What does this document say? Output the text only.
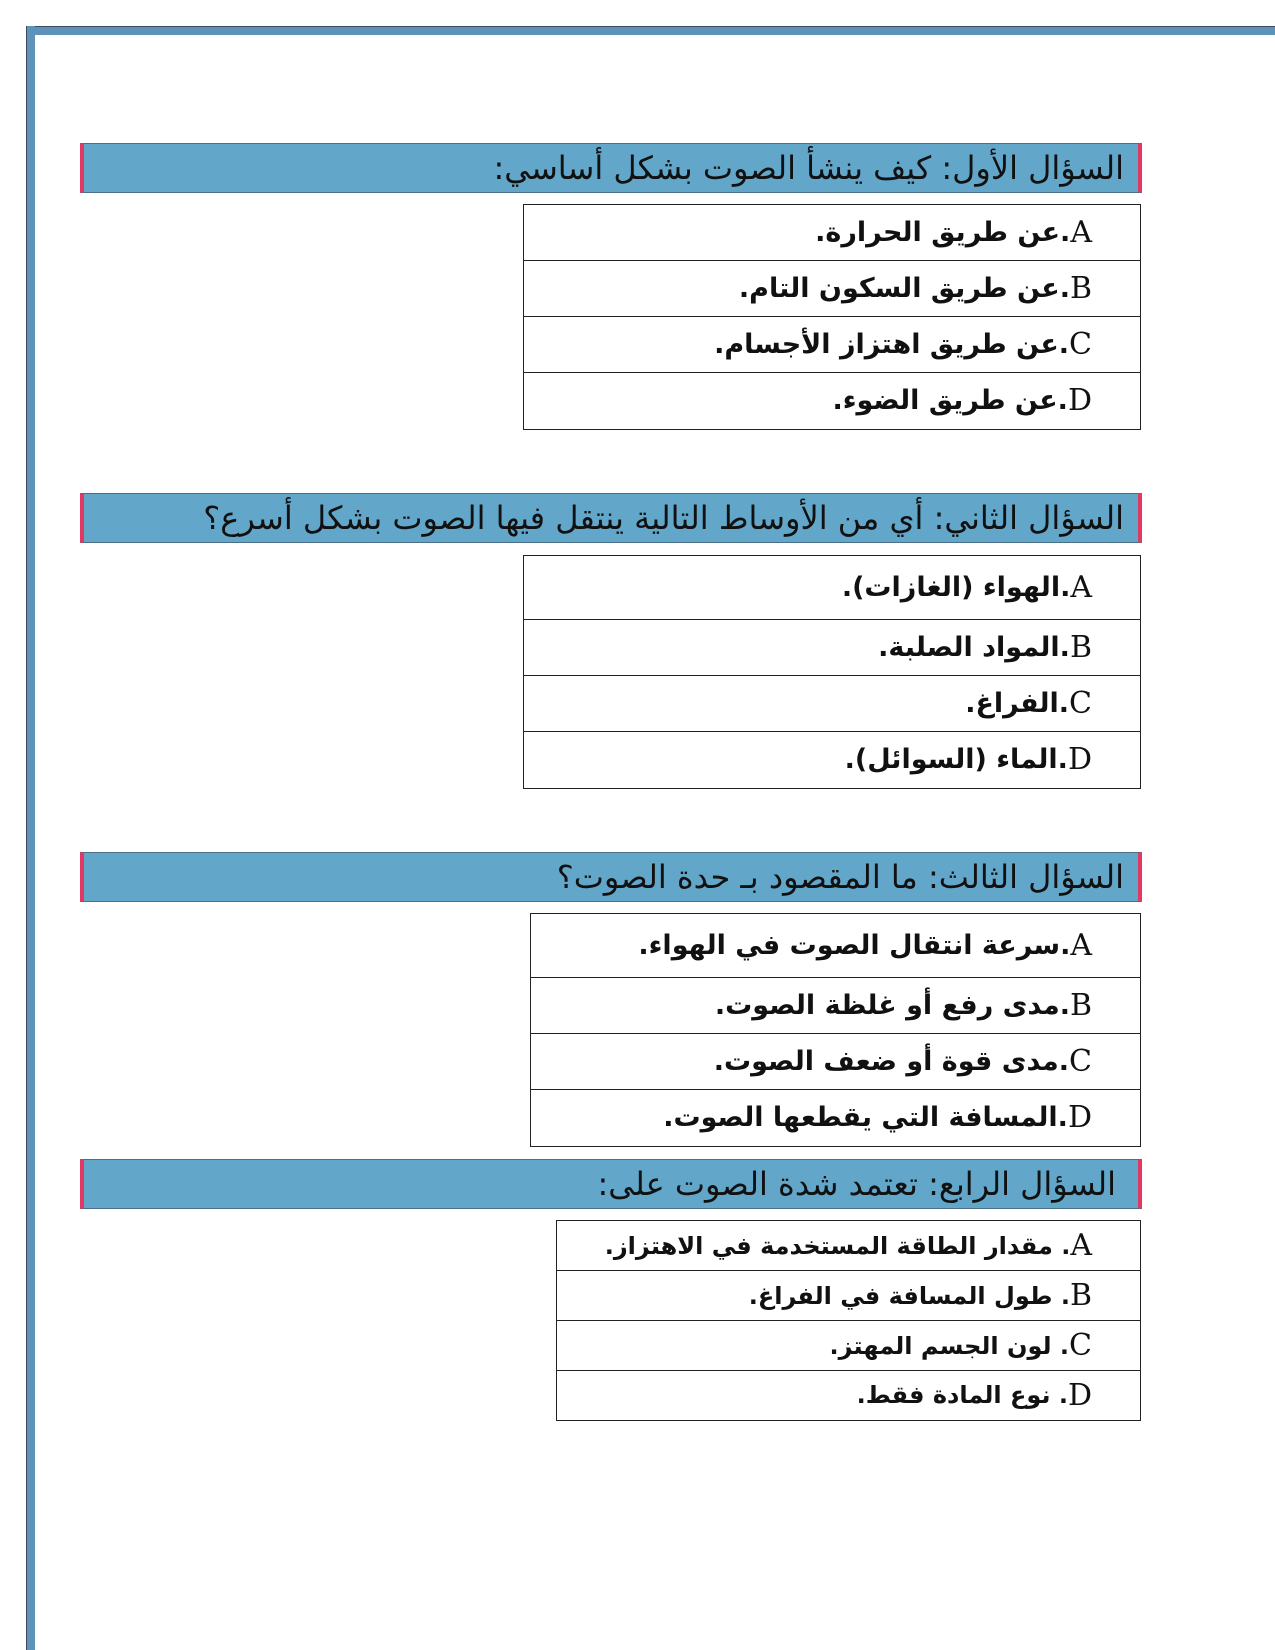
السؤال الأول: كيف ينشأ الصوت بشكل أساسي:
A
.عن طريق الحرارة.
B
.عن طريق السكون التام.
C
.عن طريق اهتزاز الأجسام.
D
.عن طريق الضوء.
السؤال الثاني: أي من الأوساط التالية ينتقل فيها الصوت بشكل أسرع؟
A
.الهواء (الغازات).
B
.المواد الصلبة.
C
.الفراغ.
D
.الماء (السوائل).
السؤال الثالث: ما المقصود بـ حدة الصوت؟
A
.سرعة انتقال الصوت في الهواء.
B
.مدى رفع أو غلظة الصوت.
C
.مدى قوة أو ضعف الصوت.
D
.المسافة التي يقطعها الصوت.
السؤال الرابع: تعتمد شدة الصوت على:
A
. مقدار الطاقة المستخدمة في الاهتزاز.
B
. طول المسافة في الفراغ.
C
. لون الجسم المهتز.
D
. نوع المادة فقط.
